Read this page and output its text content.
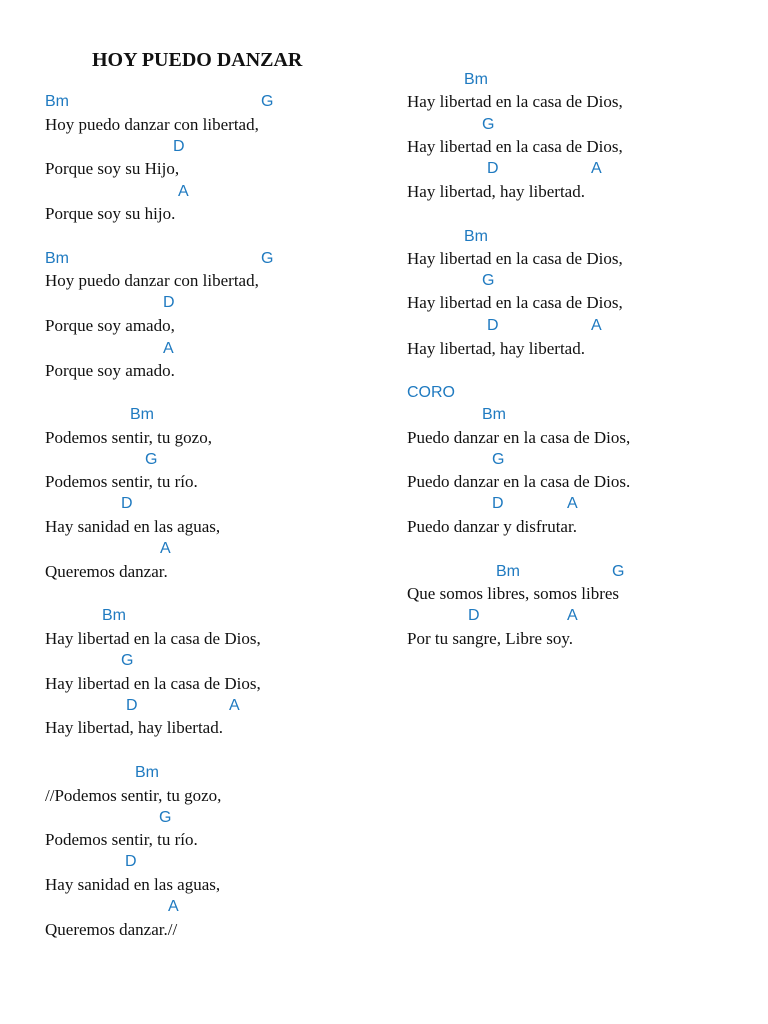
HOY PUEDO DANZAR
Bm	G
Hoy puedo danzar con libertad,
D
Porque soy su Hijo,
A
Porque soy su hijo.
Bm	G
Hoy puedo danzar con libertad,
D
Porque soy amado,
A
Porque soy amado.
Bm
Podemos sentir, tu gozo,
G
Podemos sentir, tu río.
D
Hay sanidad en las aguas,
A
Queremos danzar.
Bm
Hay libertad en la casa de Dios,
G
Hay libertad en la casa de Dios,
D	A
Hay libertad, hay libertad.
Bm
//Podemos sentir, tu gozo,
G
Podemos sentir, tu río.
D
Hay sanidad en las aguas,
A
Queremos danzar.//
Bm
Hay libertad en la casa de Dios,
G
Hay libertad en la casa de Dios,
D	A
Hay libertad, hay libertad.
Bm
Hay libertad en la casa de Dios,
G
Hay libertad en la casa de Dios,
D	A
Hay libertad, hay libertad.
CORO
Bm
Puedo danzar en la casa de Dios,
G
Puedo danzar en la casa de Dios.
D	A
Puedo danzar y disfrutar.
Bm	G
Que somos libres, somos libres
D	A
Por tu sangre, Libre soy.
